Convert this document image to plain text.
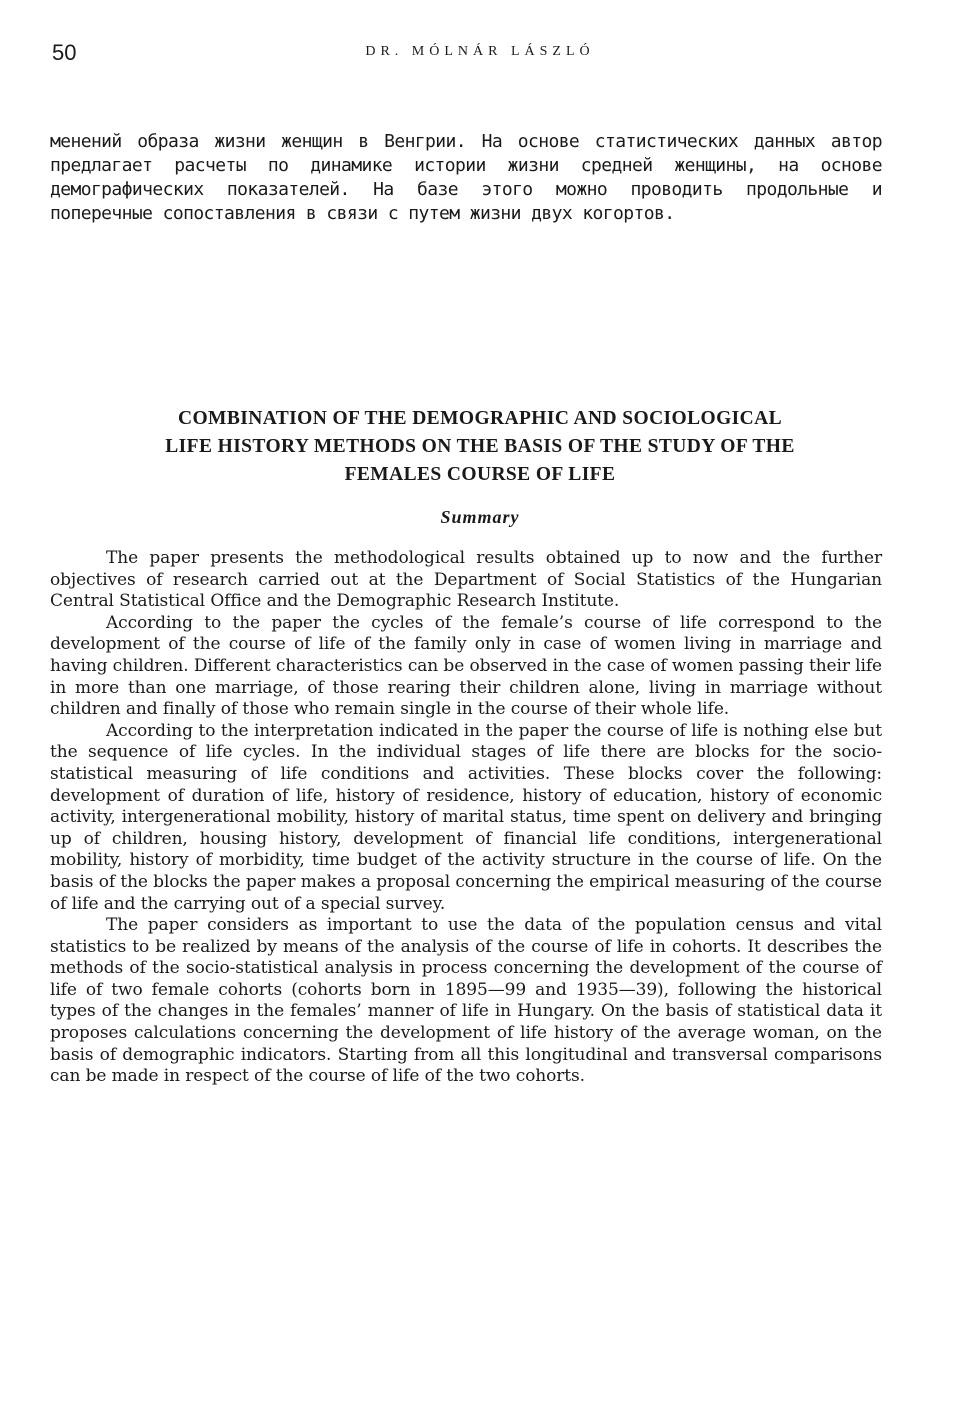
50	DR. MÓLNÁR LÁSZLÓ

менений образа жизни женщин в Венгрии. На основе статистических данных автор предлагает расчеты по динамике истории жизни средней женщины, на основе демографических показателей. На базе этого можно проводить продольные и поперечные сопоставления в связи с путем жизни двух когортов.

COMBINATION OF THE DEMOGRAPHIC AND SOCIOLOGICAL
LIFE HISTORY METHODS ON THE BASIS OF THE STUDY OF THE
FEMALES COURSE OF LIFE
Summary

The paper presents the methodological results obtained up to now and the further objectives of research carried out at the Department of Social Statistics of the Hungarian Central Statistical Office and the Demographic Research Institute.

According to the paper the cycles of the female’s course of life correspond to the development of the course of life of the family only in case of women living in marriage and having children. Different characteristics can be observed in the case of women passing their life in more than one marriage, of those rearing their children alone, living in marriage without children and finally of those who remain single in the course of their whole life.

According to the interpretation indicated in the paper the course of life is nothing else but the sequence of life cycles. In the individual stages of life there are blocks for the socio-statistical measuring of life conditions and activities. These blocks cover the following: development of duration of life, history of residence, history of education, history of economic activity, intergenerational mobility, history of marital status, time spent on delivery and bringing up of children, housing history, development of financial life conditions, intergenerational mobility, history of morbidity, time budget of the activity structure in the course of life. On the basis of the blocks the paper makes a proposal concerning the empirical measuring of the course of life and the carrying out of a special survey.

The paper considers as important to use the data of the population census and vital statistics to be realized by means of the analysis of the course of life in cohorts. It describes the methods of the socio-statistical analysis in process concerning the development of the course of life of two female cohorts (cohorts born in 1895—99 and 1935—39), following the historical types of the changes in the females’ manner of life in Hungary. On the basis of statistical data it proposes calculations concerning the development of life history of the average woman, on the basis of demographic indicators. Starting from all this longitudinal and transversal comparisons can be made in respect of the course of life of the two cohorts.
